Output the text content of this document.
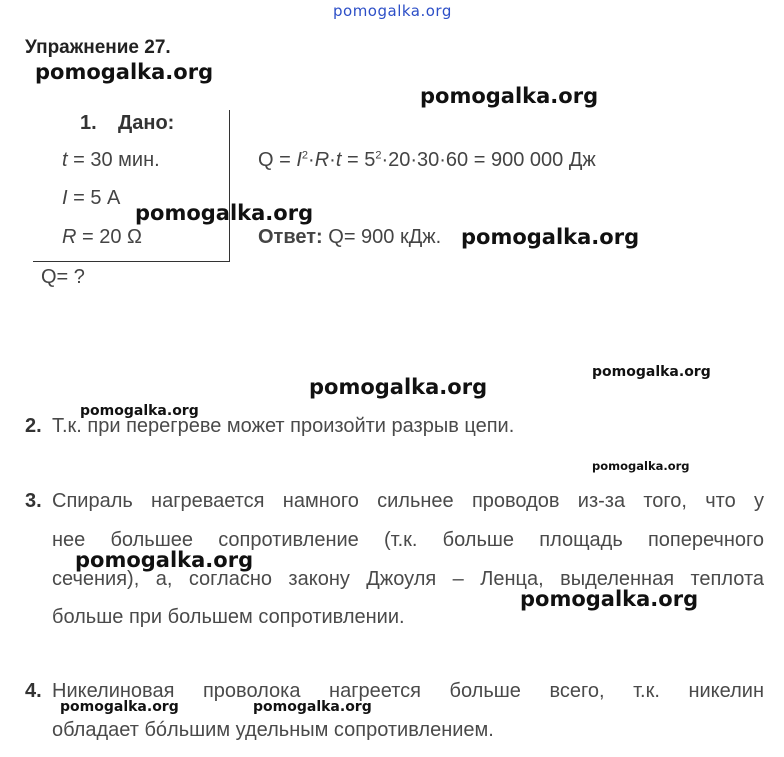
pomogalka.org
Упражнение 27.
1. Дано:
t = 30 мин.
I = 5 А
R = 20 Ω
Q= ?
$Q = I^2\cdot R\cdot t = 5^2\cdot 20\cdot 30\cdot 60 = 900$ 000 Дж
Ответ: Q= 900 кДж.
2. Т.к. при перегреве может произойти разрыв цепи.
3. Спираль нагревается намного сильнее проводов из-за того, что у
нее большее сопротивление (т.к. больше площадь поперечного
сечения), а, согласно закону Джоуля – Ленца, выделенная теплота
больше при большем сопротивлении.
4. Никелиновая проволока нагреется больше всего, т.к. никелин
обладает бóльшим удельным сопротивлением.
pomogalka.org
pomogalka.org
pomogalka.org
pomogalka.org
pomogalka.org
pomogalka.org
pomogalka.org
pomogalka.org
pomogalka.org
pomogalka.org
pomogalka.org	pomogalka.org
